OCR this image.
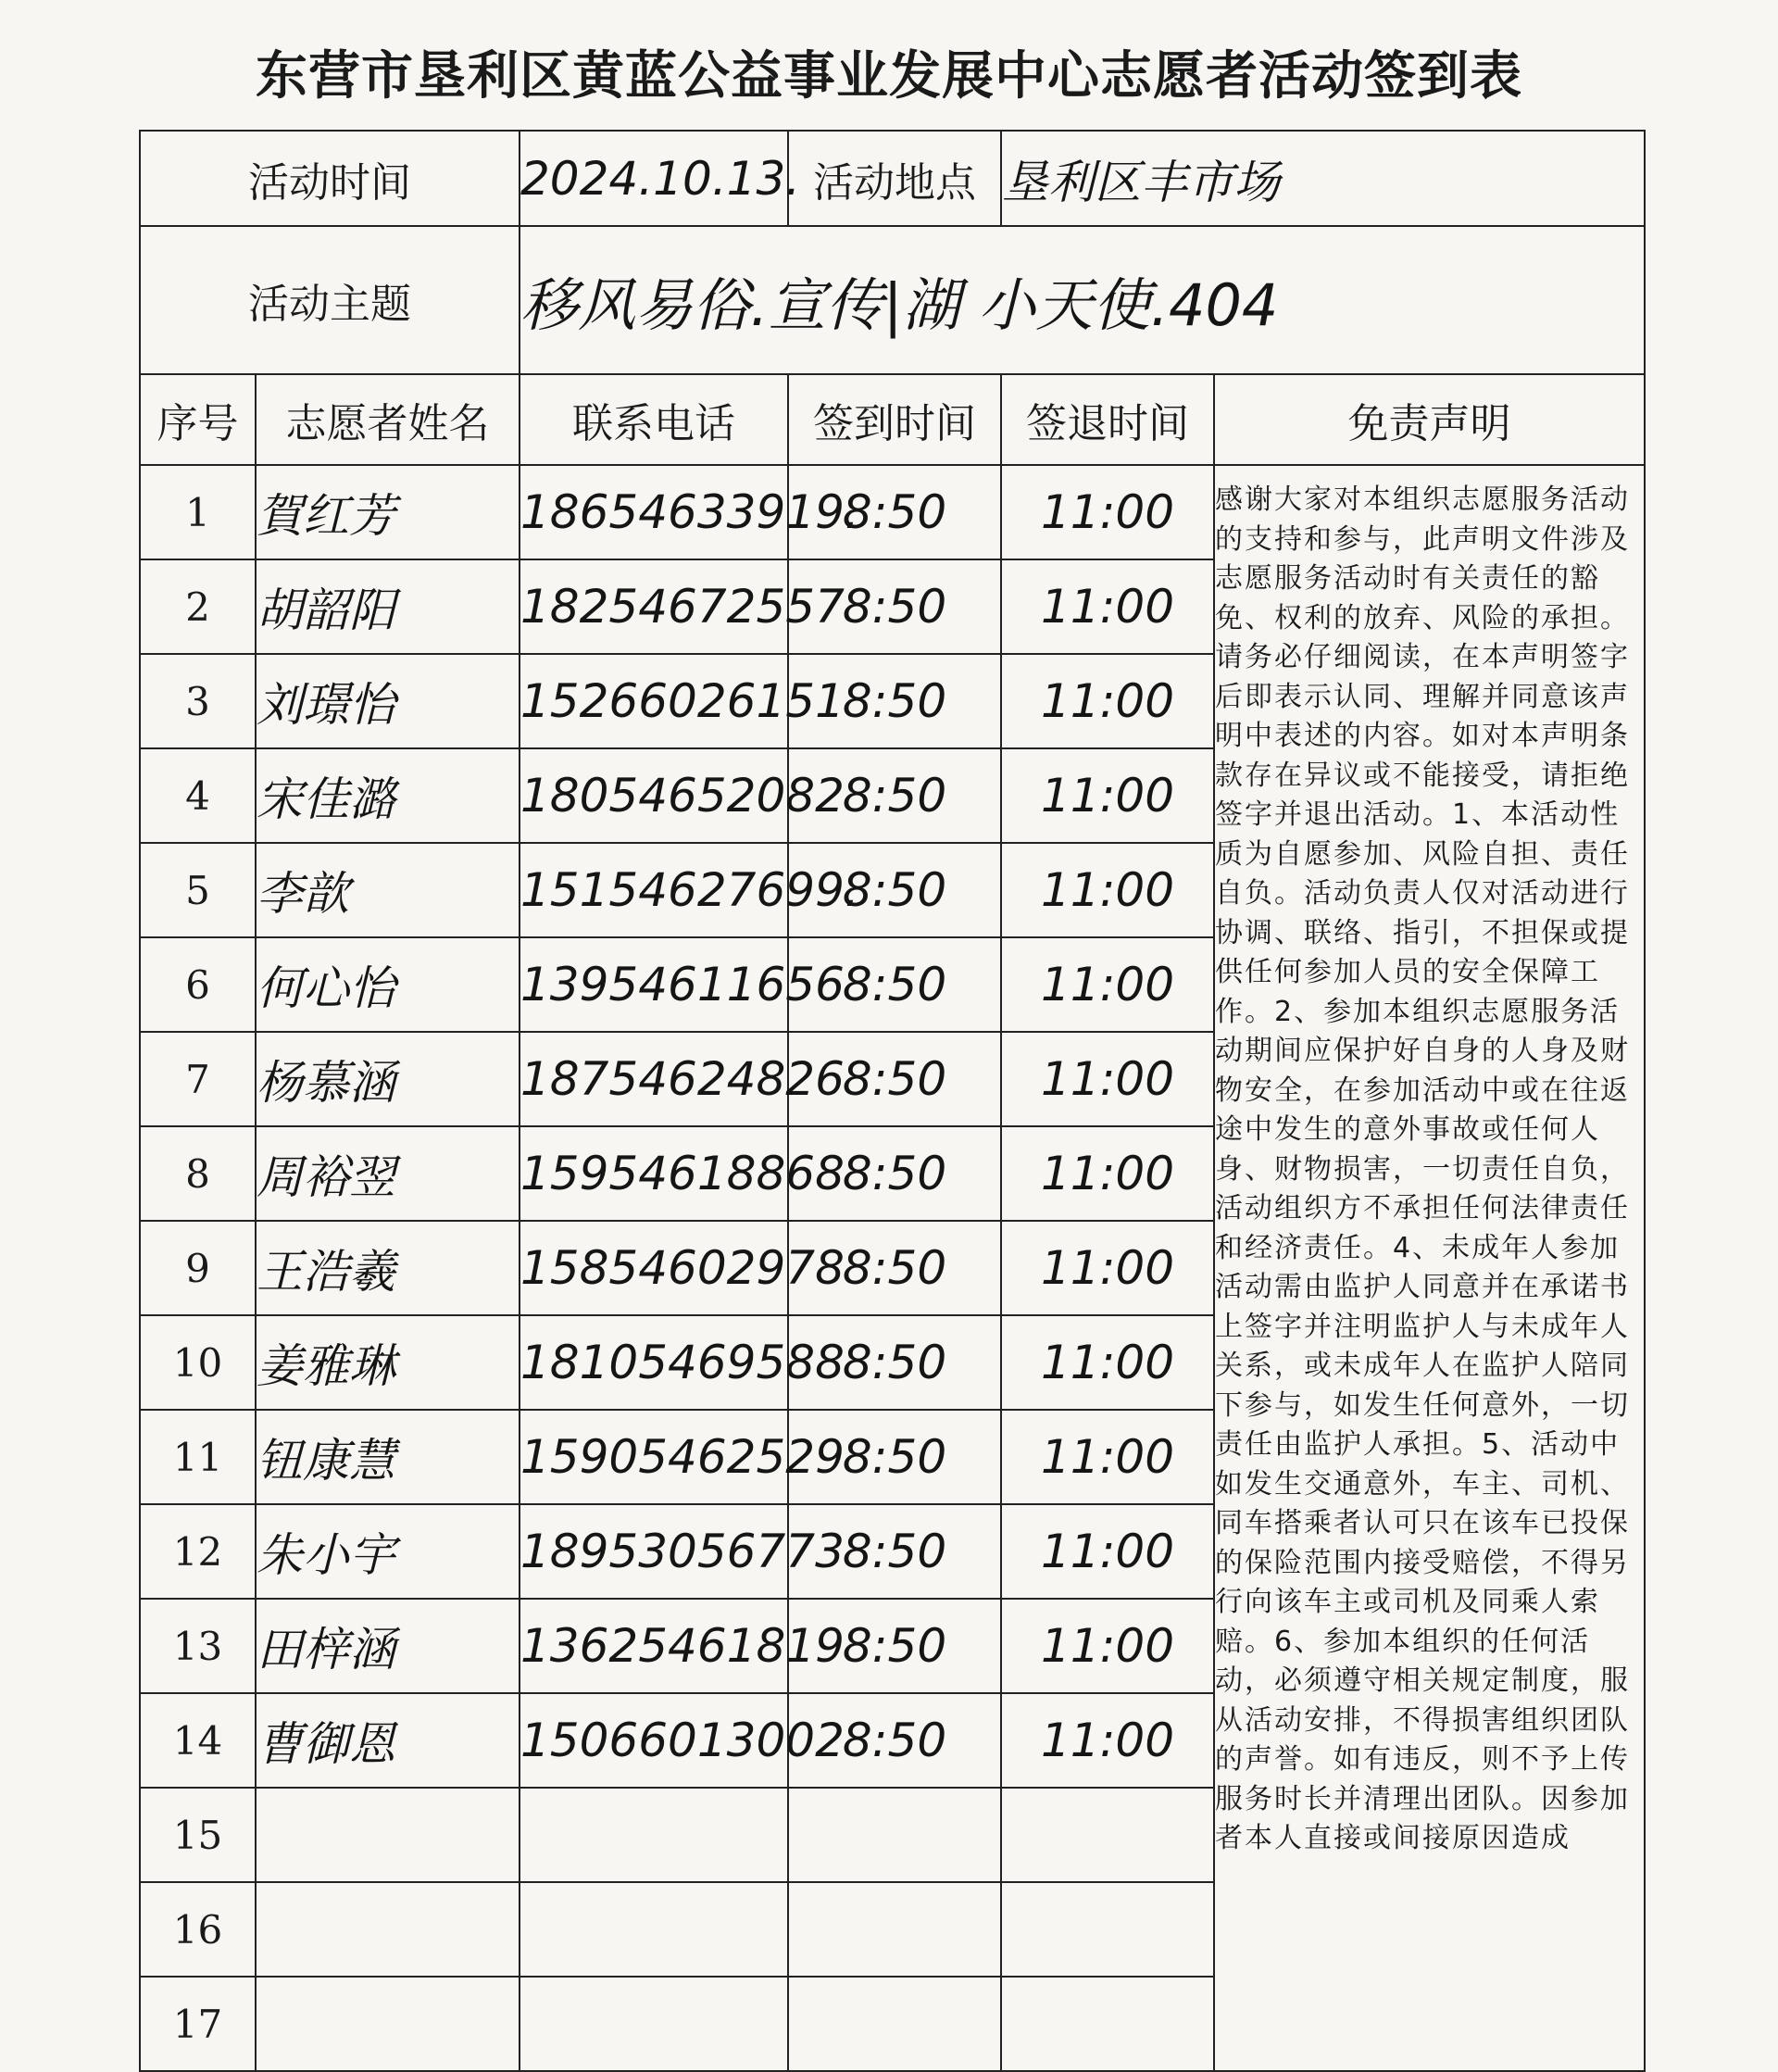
东营市垦利区黄蓝公益事业发展中心志愿者活动签到表
活动时间		2024.10.13.	活动地点	垦利区丰市场	
活动主题		移风易俗.宣传|湖 小天使.404			
序号	志愿者姓名	联系电话	签到时间	签退时间	免责声明
1	賀红芳	18654633919.	8:50	11:00	感谢大家对本组织志愿服务活动的支持和参与，此声明文件涉及志愿服务活动时有关责任的豁免、权利的放弃、风险的承担。请务必仔细阅读，在本声明签字后即表示认同、理解并同意该声明中表述的内容。如对本声明条款存在异议或不能接受，请拒绝签字并退出活动。1、本活动性质为自愿参加、风险自担、责任自负。活动负责人仅对活动进行协调、联络、指引，不担保或提供任何参加人员的安全保障工作。2、参加本组织志愿服务活动期间应保护好自身的人身及财物安全，在参加活动中或在往返途中发生的意外事故或任何人身、财物损害，一切责任自负，活动组织方不承担任何法律责任和经济责任。4、未成年人参加活动需由监护人同意并在承诺书上签字并注明监护人与未成年人关系，或未成年人在监护人陪同下参与，如发生任何意外，一切责任由监护人承担。5、活动中如发生交通意外，车主、司机、同车搭乘者认可只在该车已投保的保险范围内接受赔偿，不得另行向该车主或司机及同乘人索赔。6、参加本组织的任何活动，必须遵守相关规定制度，服从活动安排，不得损害组织团队的声誉。如有违反，则不予上传服务时长并清理出团队。因参加者本人直接或间接原因造成

2	胡韶阳	18254672557	8:50	11:00	
3	刘璟怡	15266026151	8:50	11:00	
4	宋佳潞	18054652082	8:50	11:00	
5	李歆	15154627699.	8:50	11:00	
6	何心怡	13954611656	8:50	11:00	
7	杨慕涵	18754624826	8:50	11:00	
8	周裕翌	15954618868	8:50	11:00	
9	王浩羲	15854602978	8:50	11:00	
10	姜雅琳	18105469588	8:50	11:00	
11	钮康慧	15905462529	8:50	11:00	
12	朱小宇	18953056773	8:50	11:00	
13	田梓涵	13625461819	8:50	11:00	
14	曹御恩	15066013002	8:50	11:00	
15					
16					
17					
